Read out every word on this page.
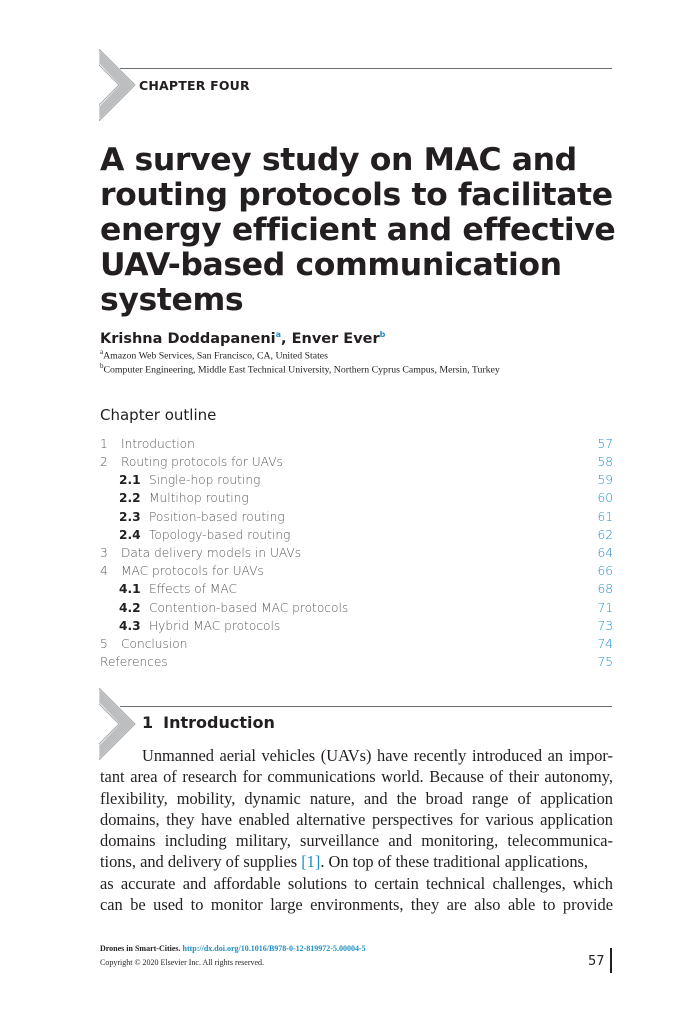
CHAPTER FOUR
A survey study on MAC and
routing protocols to facilitate
energy efficient and effective
UAV-based communication
systems
Krishna Doddapaneni$^a$, Enver Ever$^b$
$^a$Amazon Web Services, San Francisco, CA, United States
$^b$Computer Engineering, Middle East Technical University, Northern Cyprus Campus, Mersin, Turkey
Chapter outline
1 Introduction	57
2 Routing protocols for UAVs	58
2.1 Single-hop routing	59
2.2 Multihop routing	60
2.3 Position-based routing	61
2.4 Topology-based routing	62
3 Data delivery models in UAVs	64
4 MAC protocols for UAVs	66
4.1 Effects of MAC	68
4.2 Contention-based MAC protocols	71
4.3 Hybrid MAC protocols	73
5 Conclusion	74
References	75
1 Introduction
Unmanned aerial vehicles (UAVs) have recently introduced an impor-
tant area of research for communications world. Because of their autonomy,
flexibility, mobility, dynamic nature, and the broad range of application
domains, they have enabled alternative perspectives for various application
domains including military, surveillance and monitoring, telecommunica-
tions, and delivery of supplies [1]. On top of these traditional applications,
as accurate and affordable solutions to certain technical challenges, which
can be used to monitor large environments, they are also able to provide
Drones in Smart-Cities. http://dx.doi.org/10.1016/B978-0-12-819972-5.00004-5
Copyright © 2020 Elsevier Inc. All rights reserved.	57
